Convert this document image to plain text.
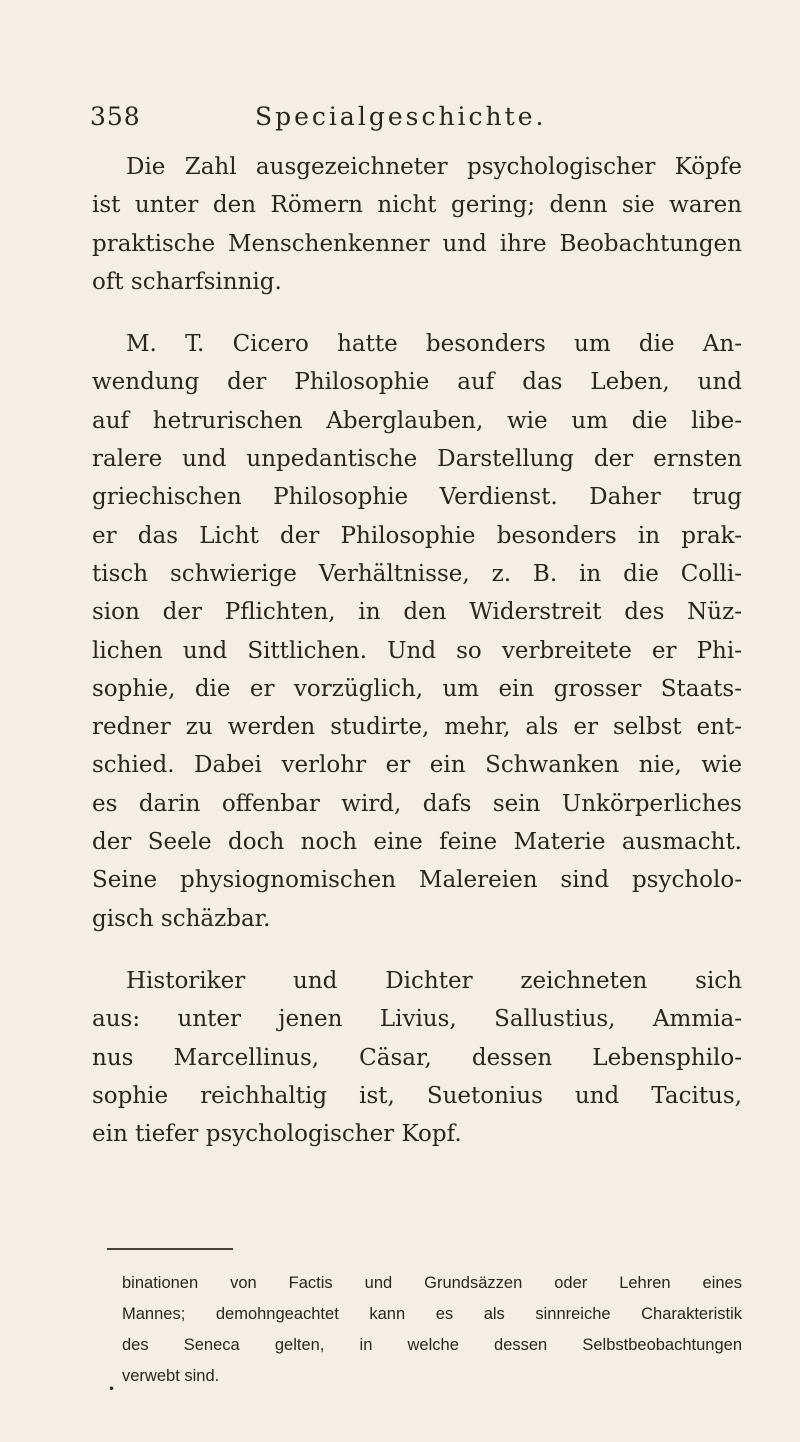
358	Specialgeschichte.
Die Zahl ausgezeichneter psychologischer Köpfe
ist unter den Römern nicht gering; denn sie waren
praktische Menschenkenner und ihre Beobachtungen
oft scharfsinnig.
M. T. Cicero hatte besonders um die An-
wendung der Philosophie auf das Leben, und
auf hetrurischen Aberglauben, wie um die libe-
ralere und unpedantische Darstellung der ernsten
griechischen Philosophie Verdienst. Daher trug
er das Licht der Philosophie besonders in prak-
tisch schwierige Verhältnisse, z. B. in die Colli-
sion der Pflichten, in den Widerstreit des Nüz-
lichen und Sittlichen. Und so verbreitete er Phi-
sophie, die er vorzüglich, um ein grosser Staats-
redner zu werden studirte, mehr, als er selbst ent-
schied. Dabei verlohr er ein Schwanken nie, wie
es darin offenbar wird, dafs sein Unkörperliches
der Seele doch noch eine feine Materie ausmacht.
Seine physiognomischen Malereien sind psycholo-
gisch schäzbar.
Historiker und Dichter zeichneten sich
aus: unter jenen Livius, Sallustius, Ammia-
nus Marcellinus, Cäsar, dessen Lebensphilo-
sophie reichhaltig ist, Suetonius und Tacitus,
ein tiefer psychologischer Kopf.
binationen von Factis und Grundsäzzen oder Lehren eines
Mannes; demohngeachtet kann es als sinnreiche Charakteristik
des Seneca gelten, in welche dessen Selbstbeobachtungen
verwebt sind.
•
